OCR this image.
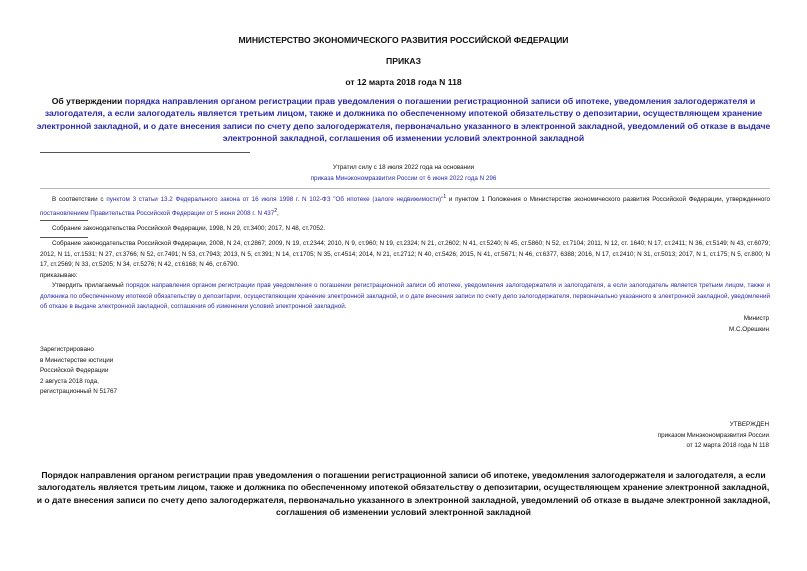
МИНИСТЕРСТВО ЭКОНОМИЧЕСКОГО РАЗВИТИЯ РОССИЙСКОЙ ФЕДЕРАЦИИ
ПРИКАЗ
от 12 марта 2018 года N 118
Об утверждении порядка направления органом регистрации прав уведомления о погашении регистрационной записи об ипотеке, уведомления залогодержателя и залогодателя, а если залогодатель является третьим лицом, также и должника по обеспеченному ипотекой обязательству о депозитарии, осуществляющем хранение электронной закладной, и о дате внесения записи по счету депо залогодержателя, первоначально указанного в электронной закладной, уведомлений об отказе в выдаче электронной закладной, соглашения об изменении условий электронной закладной
Утратил силу с 18 июля 2022 года на основании
приказа Минэкономразвития России от 6 июня 2022 года N 296
В соответствии с пунктом 3 статьи 13.2 Федерального закона от 16 июля 1998 г. N 102-ФЗ "Об ипотеке (залоге недвижимости)"$^1$ и пунктом 1 Положения о Министерстве экономического развития Российской Федерации, утвержденного постановлением Правительства Российской Федерации от 5 июня 2008 г. N $437^2$,
Собрание законодательства Российской Федерации, 1998, N 29, ст.3400; 2017, N 48, ст.7052.
Собрание законодательства Российской Федерации, 2008, N 24, ст.2867; 2009, N 19, ст.2344; 2010, N 9, ст.960; N 19, ст.2324; N 21, ст.2602; N 41, ст.5240; N 45, ст.5860; N 52, ст.7104; 2011, N 12, ст. 1640; N 17, ст.2411; N 36, ст.5149; N 43, ст.6079; 2012, N 11, ст.1531; N 27, ст.3766; N 52, ст.7491; N 53, ст.7943; 2013, N 5, ст.391; N 14, ст.1705; N 35, ст.4514; 2014, N 21, ст.2712; N 40, ст.5426; 2015, N 41, ст.5671; N 46, ст.6377, 6388; 2016, N 17, ст.2410; N 31, ст.5013; 2017, N 1, ст.175; N 5, ст.800; N 17, ст.2569; N 33, ст.5205; N 34, ст.5276; N 42, ст.6168; N 46, ст.6790.
приказываю:
Утвердить прилагаемый порядок направления органом регистрации прав уведомления о погашении регистрационной записи об ипотеке, уведомления залогодержателя и залогодателя, а если залогодатель является третьим лицом, также и должника по обеспеченному ипотекой обязательству о депозитарии, осуществляющем хранение электронной закладной, и о дате внесения записи по счету депо залогодержателя, первоначально указанного в электронной закладной, уведомлений об отказе в выдаче электронной закладной, соглашения об изменении условий электронной закладной.
Министр
М.С.Орешкин
Зарегистрировано
в Министерстве юстиции
Российской Федерации
2 августа 2018 года,
регистрационный N 51767
УТВЕРЖДЕН
приказом Минэкономразвития России
от 12 марта 2018 года N 118
Порядок направления органом регистрации прав уведомления о погашении регистрационной записи об ипотеке, уведомления залогодержателя и залогодателя, а если залогодатель является третьим лицом, также и должника по обеспеченному ипотекой обязательству о депозитарии, осуществляющем хранение электронной закладной, и о дате внесения записи по счету депо залогодержателя, первоначально указанного в электронной закладной, уведомлений об отказе в выдаче электронной закладной, соглашения об изменении условий электронной закладной
